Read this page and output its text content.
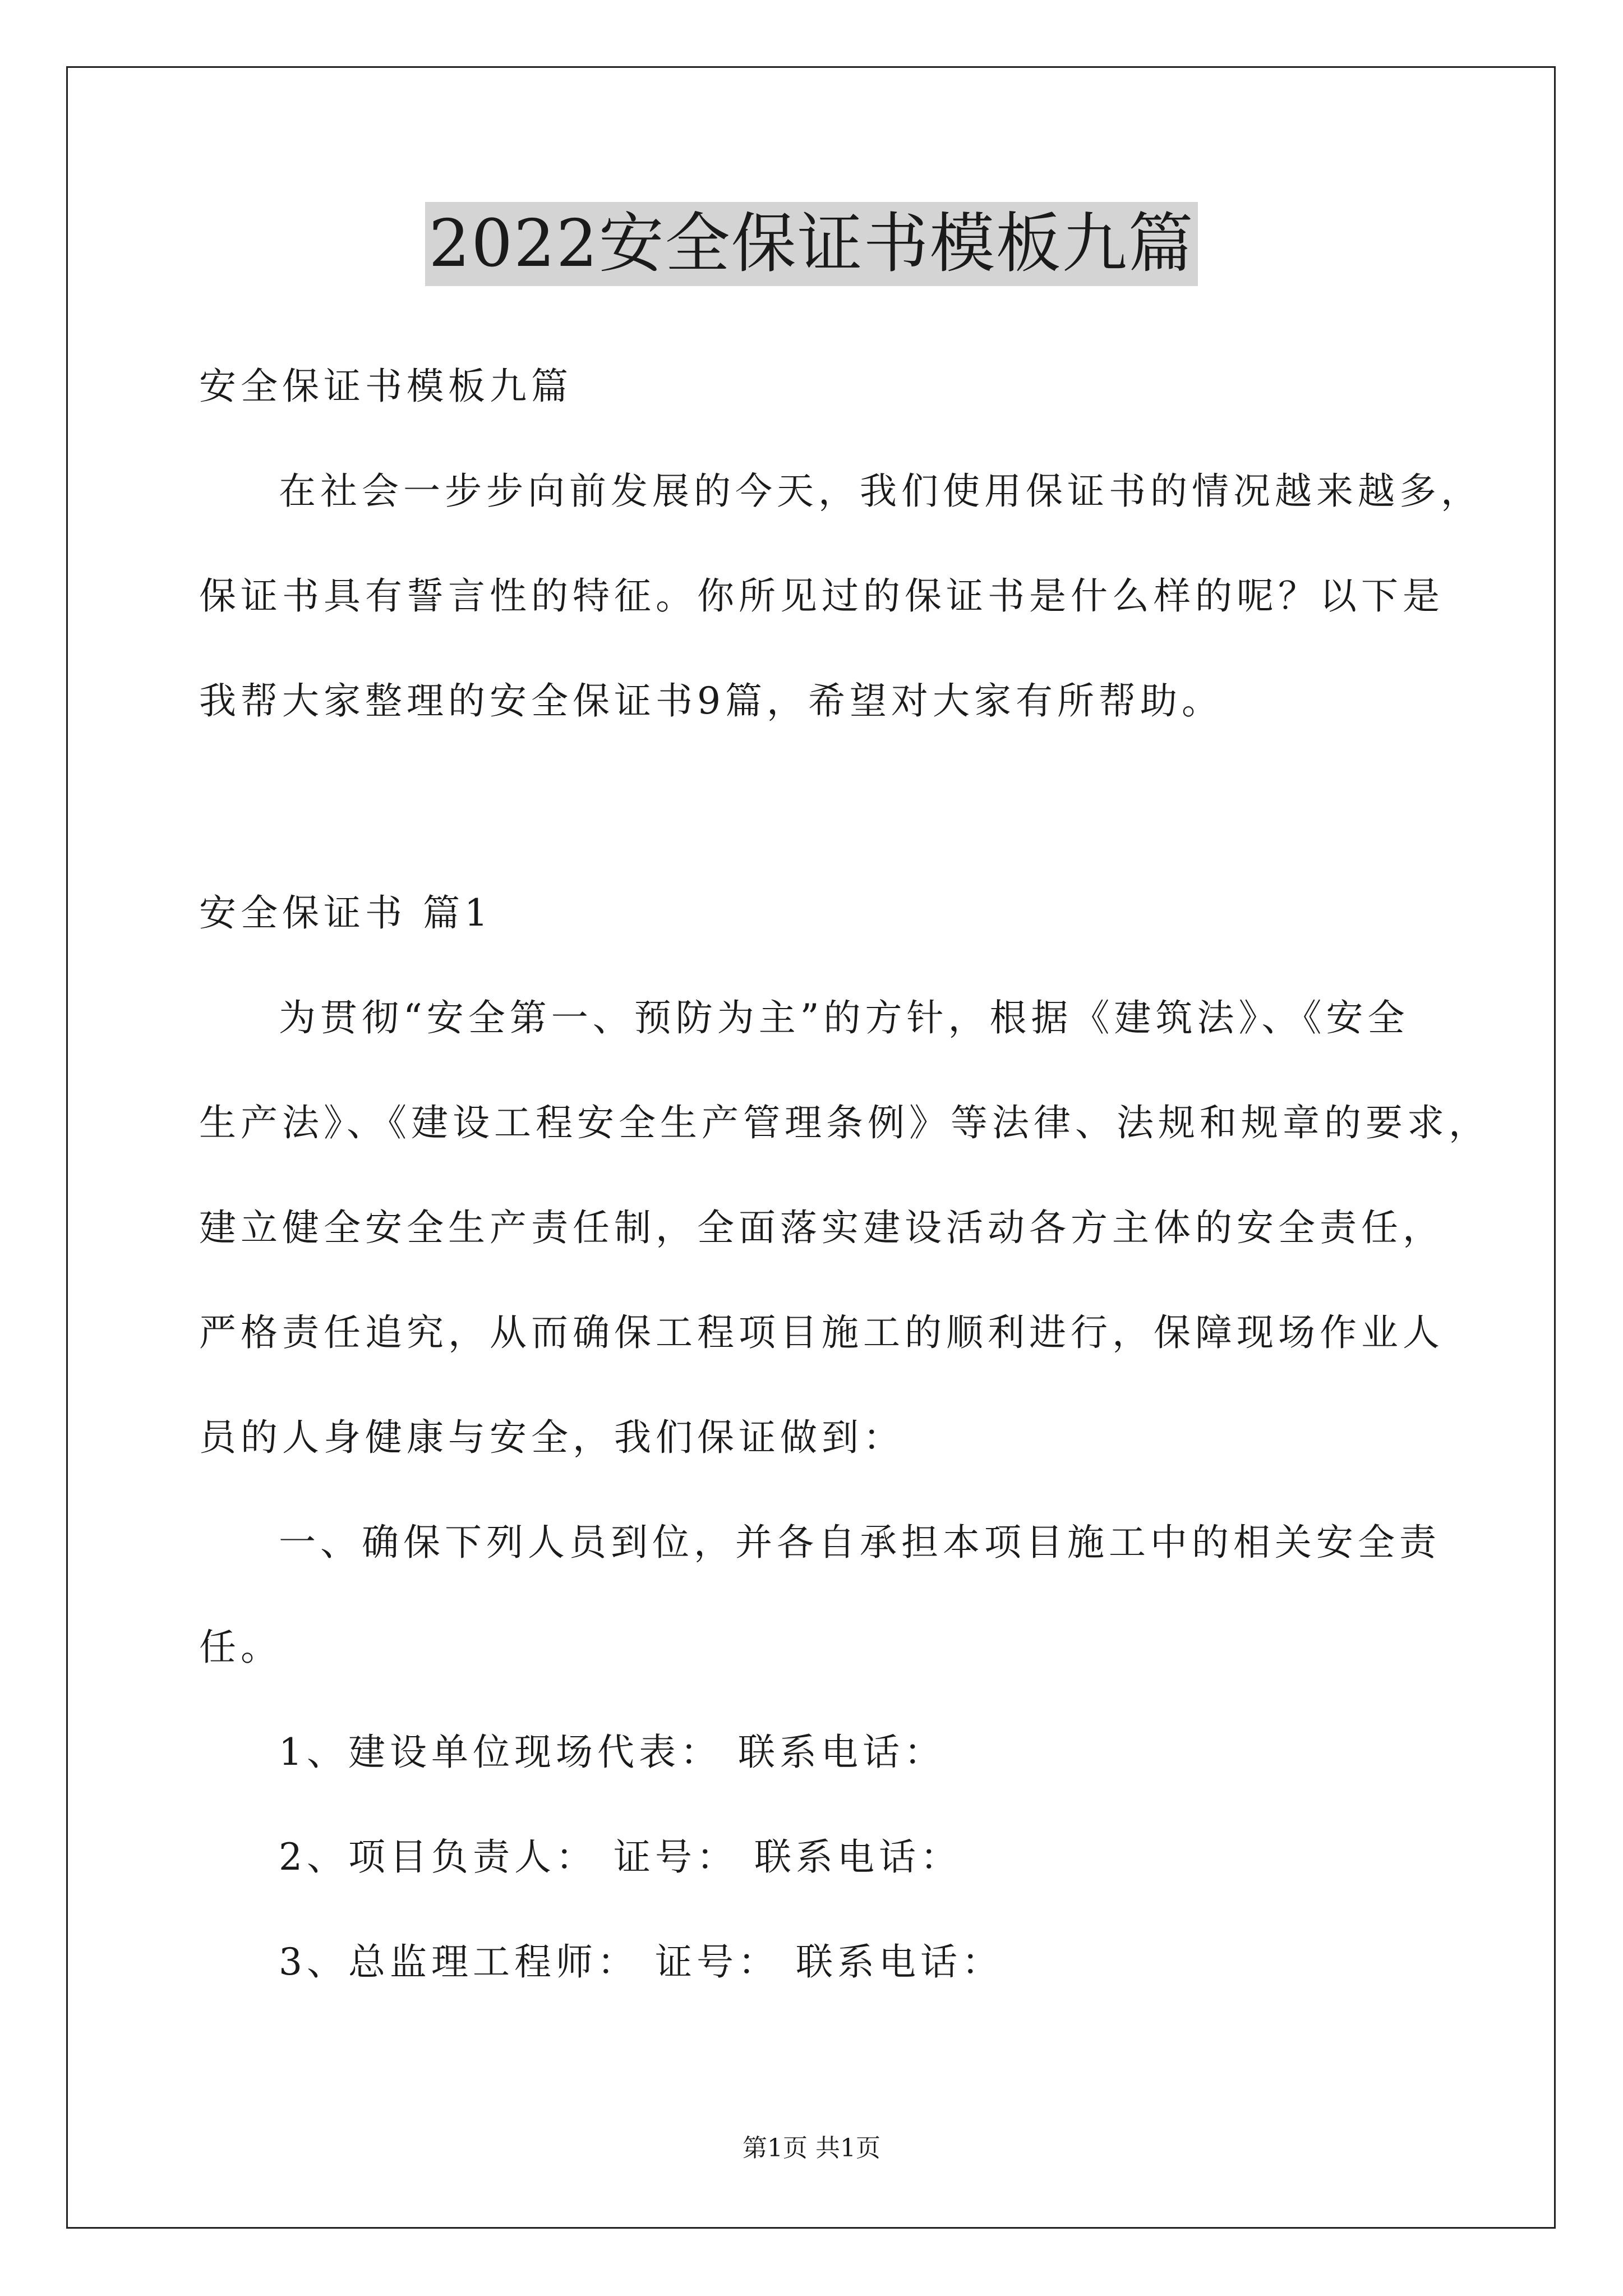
2022安全保证书模板九篇
安全保证书模板九篇
在社会一步步向前发展的今天，我们使用保证书的情况越来越多，
保证书具有誓言性的特征。你所见过的保证书是什么样的呢？以下是
我帮大家整理的安全保证书9篇，希望对大家有所帮助。
安全保证书 篇1
为贯彻“安全第一、预防为主”的方针，根据《建筑法》、《安全
生产法》、《建设工程安全生产管理条例》等法律、法规和规章的要求，
建立健全安全生产责任制，全面落实建设活动各方主体的安全责任，
严格责任追究，从而确保工程项目施工的顺利进行，保障现场作业人
员的人身健康与安全，我们保证做到：
一、确保下列人员到位，并各自承担本项目施工中的相关安全责
任。
1、建设单位现场代表： 联系电话：
2、项目负责人： 证号： 联系电话：
3、总监理工程师： 证号： 联系电话：
第1页 共1页
